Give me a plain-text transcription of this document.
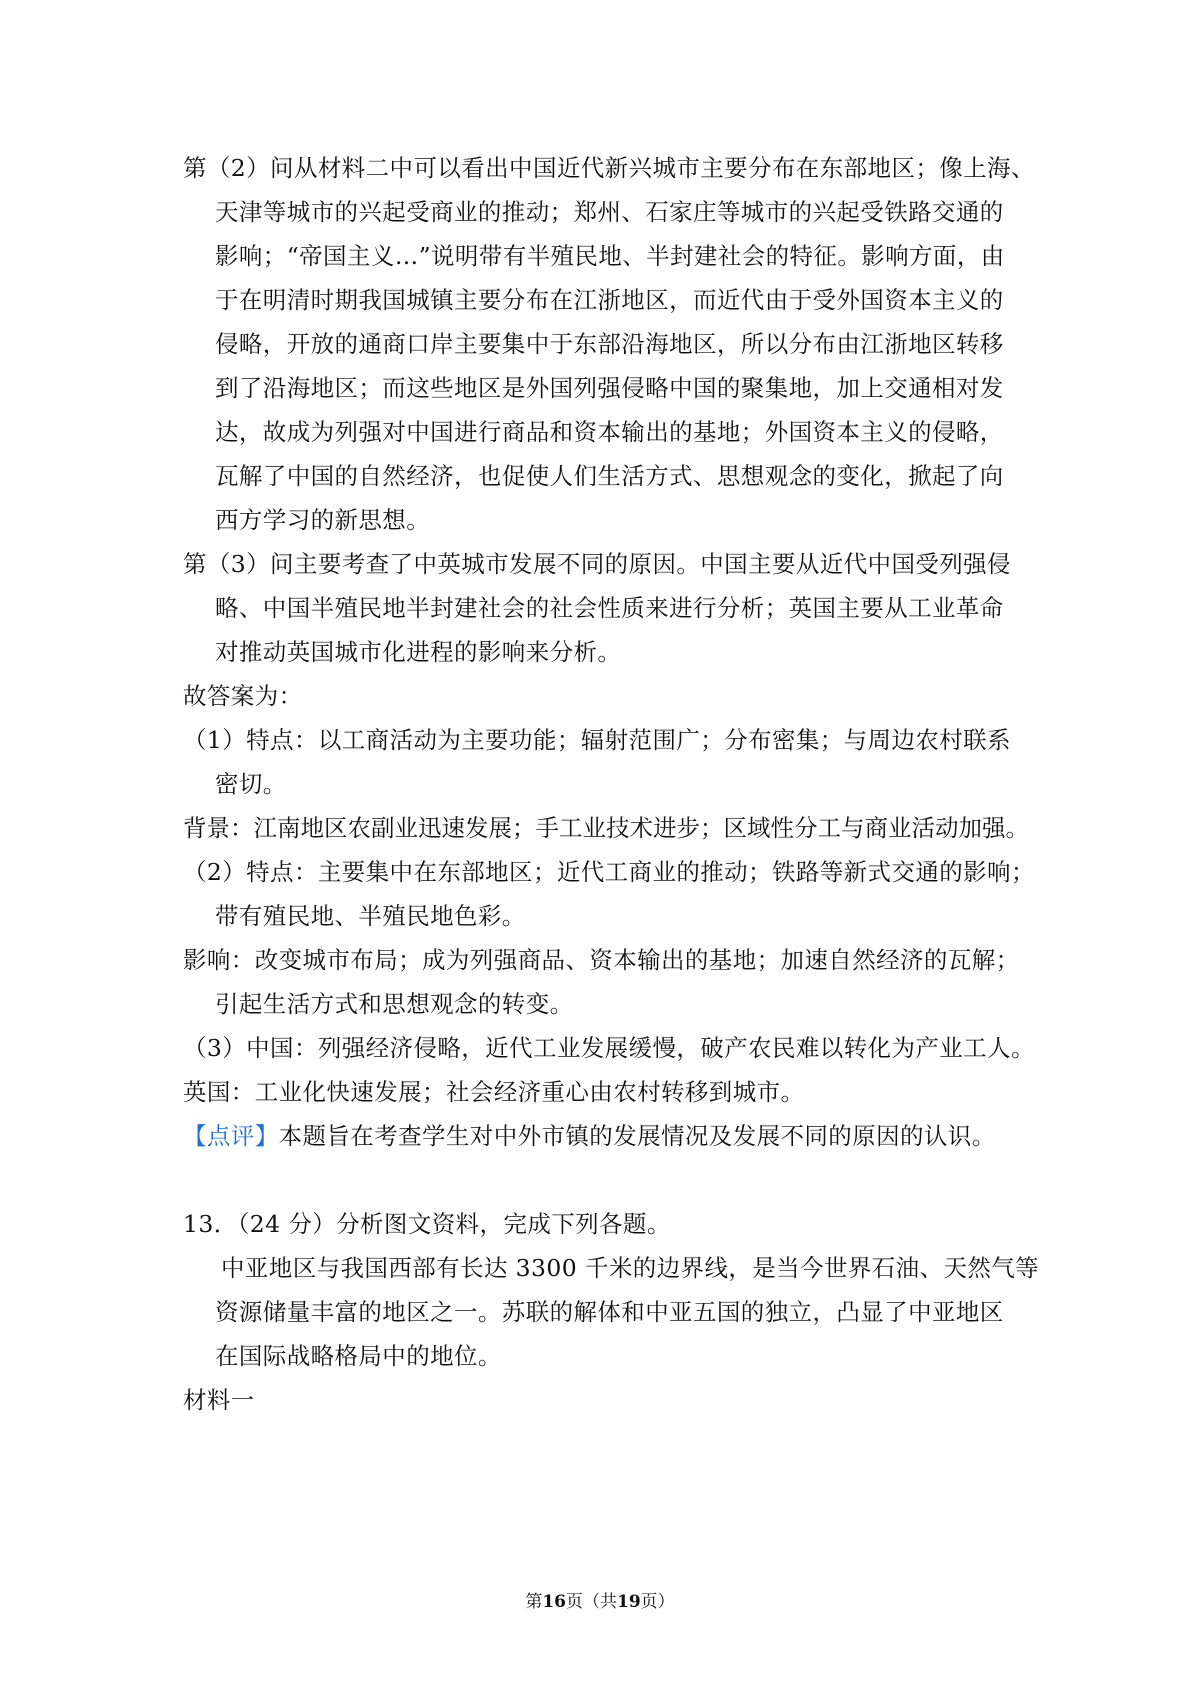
第（2）问从材料二中可以看出中国近代新兴城市主要分布在东部地区；像上海、
天津等城市的兴起受商业的推动；郑州、石家庄等城市的兴起受铁路交通的
影响；“帝国主义…”说明带有半殖民地、半封建社会的特征。影响方面，由
于在明清时期我国城镇主要分布在江浙地区，而近代由于受外国资本主义的
侵略，开放的通商口岸主要集中于东部沿海地区，所以分布由江浙地区转移
到了沿海地区；而这些地区是外国列强侵略中国的聚集地，加上交通相对发
达，故成为列强对中国进行商品和资本输出的基地；外国资本主义的侵略，
瓦解了中国的自然经济，也促使人们生活方式、思想观念的变化，掀起了向
西方学习的新思想。
第（3）问主要考查了中英城市发展不同的原因。中国主要从近代中国受列强侵
略、中国半殖民地半封建社会的社会性质来进行分析；英国主要从工业革命
对推动英国城市化进程的影响来分析。
故答案为：
（1）特点：以工商活动为主要功能；辐射范围广；分布密集；与周边农村联系
密切。
背景：江南地区农副业迅速发展；手工业技术进步；区域性分工与商业活动加强。
（2）特点：主要集中在东部地区；近代工商业的推动；铁路等新式交通的影响；
带有殖民地、半殖民地色彩。
影响：改变城市布局；成为列强商品、资本输出的基地；加速自然经济的瓦解；
引起生活方式和思想观念的转变。
（3）中国：列强经济侵略，近代工业发展缓慢，破产农民难以转化为产业工人。
英国：工业化快速发展；社会经济重心由农村转移到城市。
【点评】本题旨在考查学生对中外市镇的发展情况及发展不同的原因的认识。
13．（24 分）分析图文资料，完成下列各题。
中亚地区与我国西部有长达 3300 千米的边界线，是当今世界石油、天然气等
资源储量丰富的地区之一。苏联的解体和中亚五国的独立，凸显了中亚地区
在国际战略格局中的地位。
材料一
第16页（共19页）
